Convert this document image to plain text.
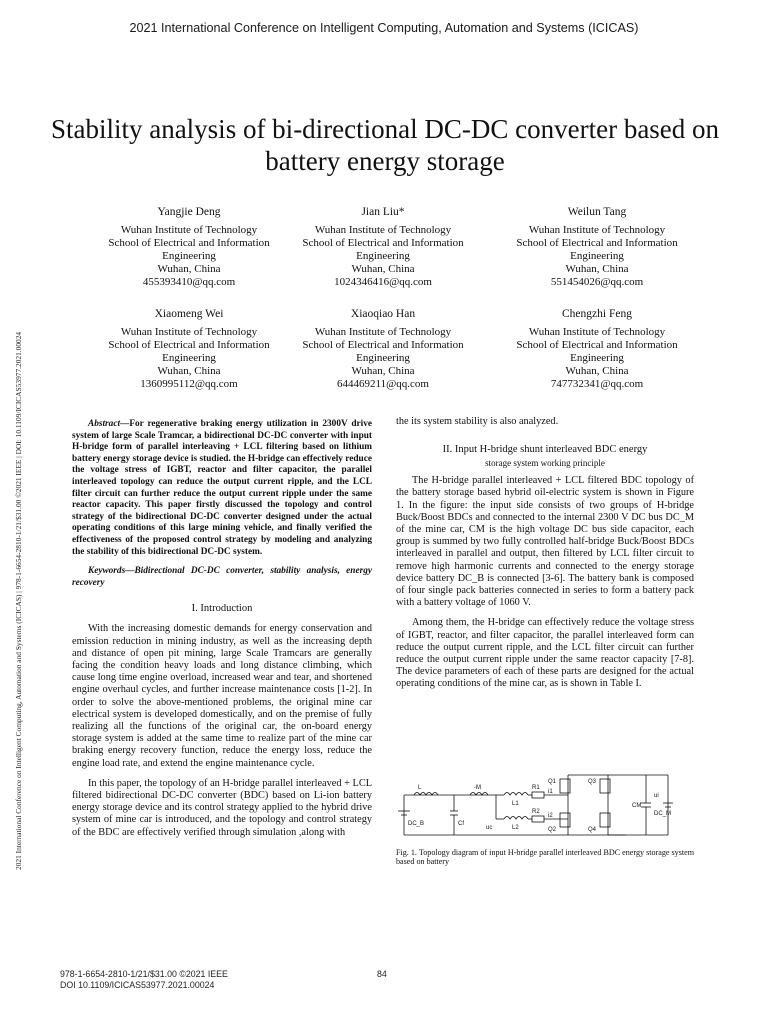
2021 International Conference on Intelligent Computing, Automation and Systems (ICICAS)
2021 International Conference on Intelligent Computing, Automation and Systems (ICICAS) | 978-1-6654-2810-1/21/$31.00 ©2021 IEEE | DOI: 10.1109/ICICAS53977.2021.00024
Stability analysis of bi-directional DC-DC converter based on battery energy storage
Yangjie Deng
Wuhan Institute of Technology
School of Electrical and Information
Engineering
Wuhan, China
455393410@qq.com
Jian Liu*
Wuhan Institute of Technology
School of Electrical and Information
Engineering
Wuhan, China
1024346416@qq.com
Weilun Tang
Wuhan Institute of Technology
School of Electrical and Information
Engineering
Wuhan, China
551454026@qq.com
Xiaomeng Wei
Wuhan Institute of Technology
School of Electrical and Information
Engineering
Wuhan, China
1360995112@qq.com
Xiaoqiao Han
Wuhan Institute of Technology
School of Electrical and Information
Engineering
Wuhan, China
644469211@qq.com
Chengzhi Feng
Wuhan Institute of Technology
School of Electrical and Information
Engineering
Wuhan, China
747732341@qq.com

Abstract—For regenerative braking energy utilization in 2300V drive system of large Scale Tramcar, a bidirectional DC-DC converter with input H-bridge form of parallel interleaving + LCL filtering based on lithium battery energy storage device is studied. the H-bridge can effectively reduce the voltage stress of IGBT, reactor and filter capacitor, the parallel interleaved topology can reduce the output current ripple, and the LCL filter circuit can further reduce the output current ripple under the same reactor capacity. This paper firstly discussed the topology and control strategy of the bidirectional DC-DC converter designed under the actual operating conditions of this large mining vehicle, and finally verified the effectiveness of the proposed control strategy by modeling and analyzing the stability of this bidirectional DC-DC system.

Keywords—Bidirectional DC-DC converter, stability analysis, energy recovery

I. Introduction

With the increasing domestic demands for energy conservation and emission reduction in mining industry, as well as the increasing depth and distance of open pit mining, large Scale Tramcars are generally facing the condition heavy loads and long distance climbing, which cause long time engine overload, increased wear and tear, and shortened engine overhaul cycles, and further increase maintenance costs [1-2]. In order to solve the above-mentioned problems, the original mine car electrical system is developed domestically, and on the premise of fully realizing all the functions of the original car, the on-board energy storage system is added at the same time to realize part of the mine car braking energy recovery function, reduce the energy loss, reduce the engine load rate, and extend the engine maintenance cycle.

In this paper, the topology of an H-bridge parallel interleaved + LCL filtered bidirectional DC-DC converter (BDC) based on Li-ion battery energy storage device and its control strategy applied to the hybrid drive system of mine car is introduced, and the topology and control strategy of the BDC are effectively verified through simulation ,along with

the its system stability is also analyzed.

II. Input H-bridge shunt interleaved BDC energy
storage system working principle

The H-bridge parallel interleaved + LCL filtered BDC topology of the battery storage based hybrid oil-electric system is shown in Figure 1. In the figure: the input side consists of two groups of H-bridge Buck/Boost BDCs and connected to the internal 2300 V DC bus DC_M of the mine car, CM is the high voltage DC bus side capacitor, each group is summed by two fully controlled half-bridge Buck/Boost BDCs interleaved in parallel and output, then filtered by LCL filter circuit to remove high harmonic currents and connected to the energy storage device battery DC_B is connected [3-6]. The battery bank is composed of four single pack batteries connected in series to form a battery pack with a battery voltage of 1060 V.

Among them, the H-bridge can effectively reduce the voltage stress of IGBT, reactor, and filter capacitor, the parallel interleaved form can reduce the output current ripple, and the LCL filter circuit can further reduce the output current ripple under the same reactor capacity [7-8]. The device parameters of each of these parts are designed for the actual operating conditions of the mine car, as is shown in Table I.

L
DC_B	Cf
-M
uc
L1
L2
R1
R2
i1
i2
Q1
Q2
Q3
Q4
CM
ui
DC_M
Fig. 1. Topology diagram of input H-bridge parallel interleaved BDC energy storage system based on battery
978-1-6654-2810-1/21/$31.00 ©2021 IEEE
DOI 10.1109/ICICAS53977.2021.00024
84
